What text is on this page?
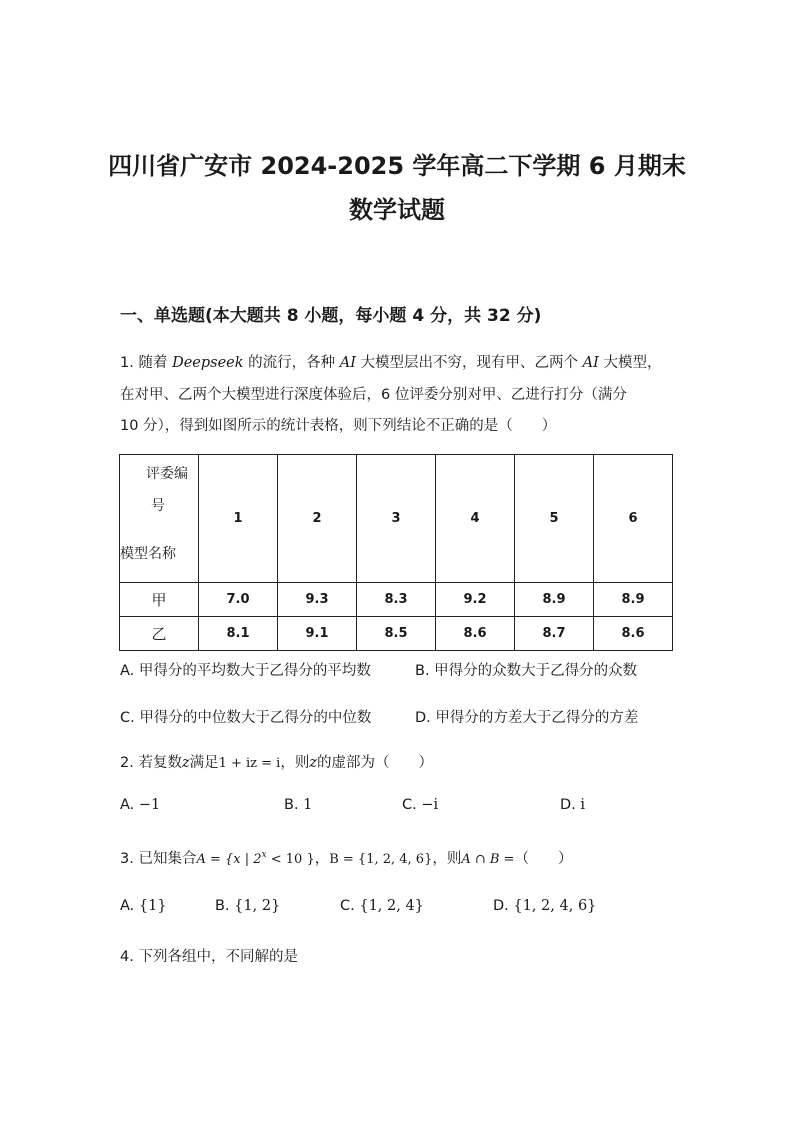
四川省广安市 2024-2025 学年高二下学期 6 月期末
数学试题
一、单选题(本大题共 8 小题，每小题 4 分，共 32 分)
1. 随着 Deepseek 的流行，各种 AI 大模型层出不穷，现有甲、乙两个 AI 大模型，
在对甲、乙两个大模型进行深度体验后，6 位评委分别对甲、乙进行打分（满分
10 分），得到如图所示的统计表格，则下列结论不正确的是（　　）
评委编
号
模型名称	1	2	3	4	5	6
甲	7.0	9.3	8.3	9.2	8.9	8.9
乙	8.1	9.1	8.5	8.6	8.7	8.6
A. 甲得分的平均数大于乙得分的平均数	B. 甲得分的众数大于乙得分的众数
C. 甲得分的中位数大于乙得分的中位数	D. 甲得分的方差大于乙得分的方差
2. 若复数z满足1 + iz = i，则z的虚部为（　　）
A. −1	B. 1	C. −i	D. i
3. 已知集合A = {x | $2^x < 10$ }，B = {1, 2, 4, 6}，则A ∩ B =（　　）
A. {1}	B. {1, 2}	C. {1, 2, 4}	D. {1, 2, 4, 6}
4. 下列各组中，不同解的是
